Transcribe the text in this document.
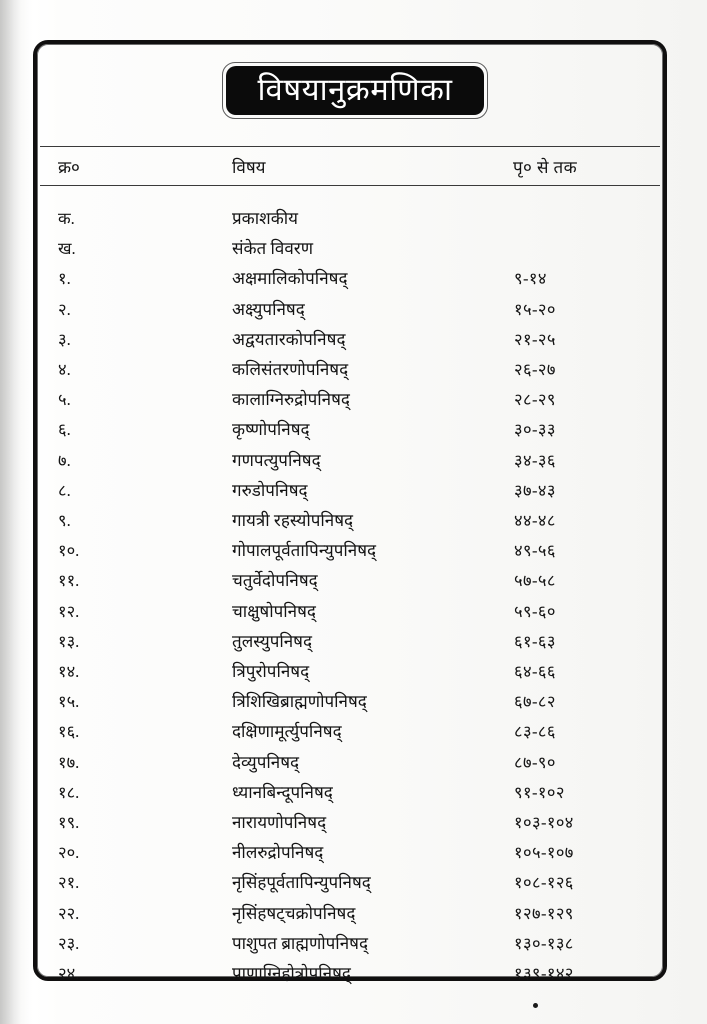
विषयानुक्रमणिका
क्र०	विषय	पृ० से तक
क.	प्रकाशकीय
ख.	संकेत विवरण
१.	अक्षमालिकोपनिषद्	९-१४
२.	अक्ष्युपनिषद्	१५-२०
३.	अद्वयतारकोपनिषद्	२१-२५
४.	कलिसंतरणोपनिषद्	२६-२७
५.	कालाग्निरुद्रोपनिषद्	२८-२९
६.	कृष्णोपनिषद्	३०-३३
७.	गणपत्युपनिषद्	३४-३६
८.	गरुडोपनिषद्	३७-४३
९.	गायत्री रहस्योपनिषद्	४४-४८
१०.	गोपालपूर्वतापिन्युपनिषद्	४९-५६
११.	चतुर्वेदोपनिषद्	५७-५८
१२.	चाक्षुषोपनिषद्	५९-६०
१३.	तुलस्युपनिषद्	६१-६३
१४.	त्रिपुरोपनिषद्	६४-६६
१५.	त्रिशिखिब्राह्मणोपनिषद्	६७-८२
१६.	दक्षिणामूर्त्युपनिषद्	८३-८६
१७.	देव्युपनिषद्	८७-९०
१८.	ध्यानबिन्दूपनिषद्	९१-१०२
१९.	नारायणोपनिषद्	१०३-१०४
२०.	नीलरुद्रोपनिषद्	१०५-१०७
२१.	नृसिंहपूर्वतापिन्युपनिषद्	१०८-१२६
२२.	नृसिंहषट्चक्रोपनिषद्	१२७-१२९
२३.	पाशुपत ब्राह्मणोपनिषद्	१३०-१३८
२४.	प्राणाग्निहोत्रोपनिषद्	१३९-१४२
